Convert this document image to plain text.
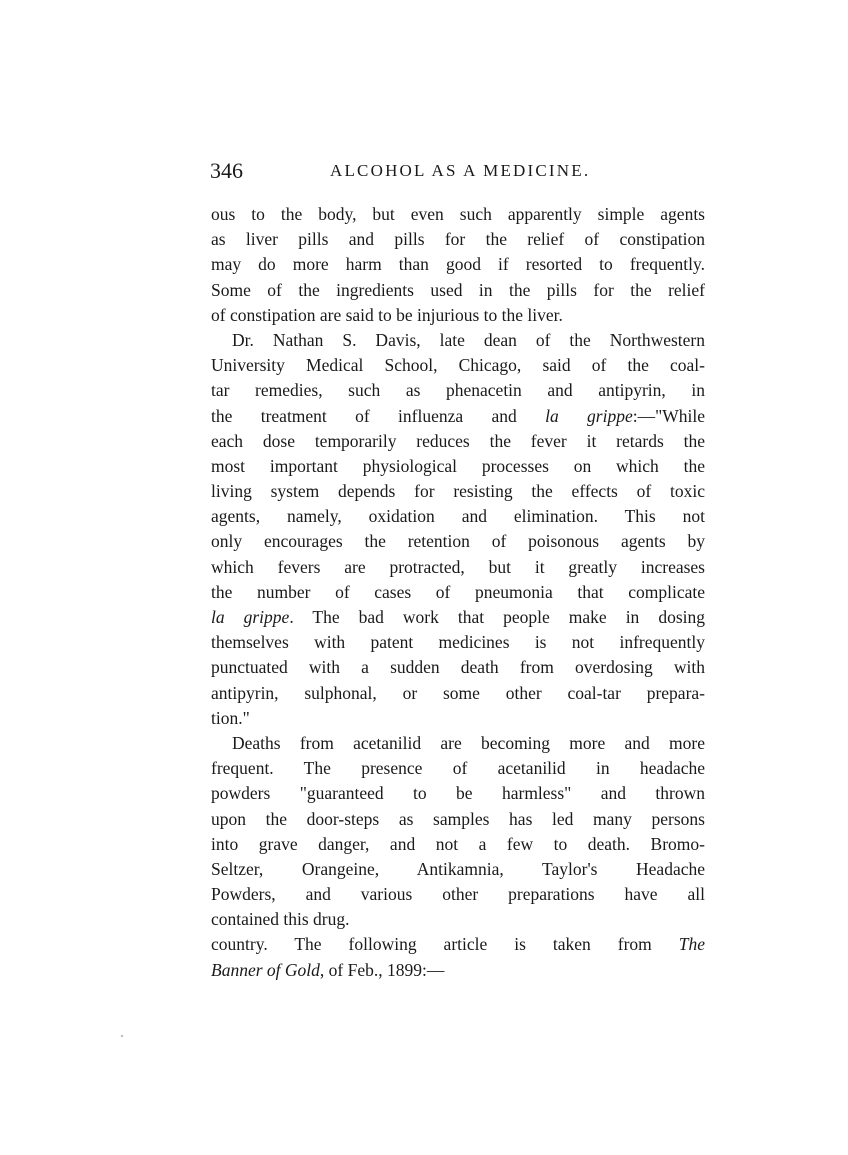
346	ALCOHOL AS A MEDICINE.
ous to the body, but even such apparently simple agents
as liver pills and pills for the relief of constipation
may do more harm than good if resorted to frequently.
Some of the ingredients used in the pills for the relief
of constipation are said to be injurious to the liver.
Dr. Nathan S. Davis, late dean of the Northwestern
University Medical School, Chicago, said of the coal-
tar remedies, such as phenacetin and antipyrin, in
the treatment of influenza and la grippe:—"While
each dose temporarily reduces the fever it retards the
most important physiological processes on which the
living system depends for resisting the effects of toxic
agents, namely, oxidation and elimination. This not
only encourages the retention of poisonous agents by
which fevers are protracted, but it greatly increases
the number of cases of pneumonia that complicate
la grippe. The bad work that people make in dosing
themselves with patent medicines is not infrequently
punctuated with a sudden death from overdosing with
antipyrin, sulphonal, or some other coal-tar prepara-
tion."
Deaths from acetanilid are becoming more and more
frequent. The presence of acetanilid in headache
powders "guaranteed to be harmless" and thrown
upon the door-steps as samples has led many persons
into grave danger, and not a few to death. Bromo-
Seltzer, Orangeine, Antikamnia, Taylor's Headache
Powders, and various other preparations have all
contained this drug.
country. The following article is taken from The
Banner of Gold, of Feb., 1899:—
